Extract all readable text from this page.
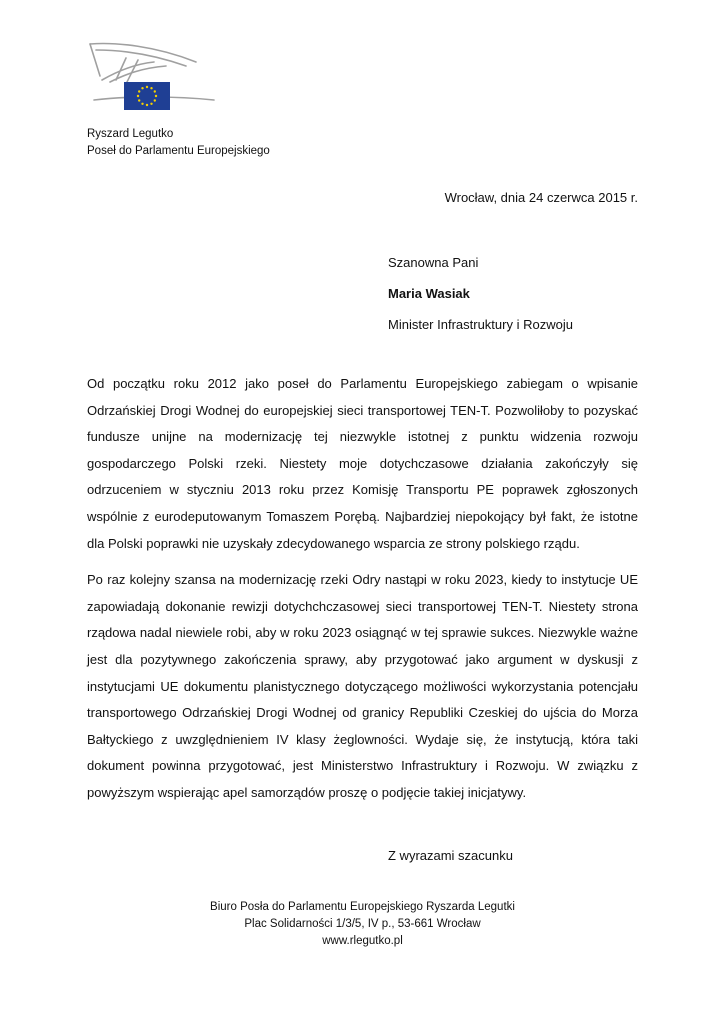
Ryszard Legutko
Poseł do Parlamentu Europejskiego
Wrocław, dnia 24 czerwca 2015 r.
Szanowna Pani
Maria Wasiak
Minister Infrastruktury i Rozwoju

Od początku roku 2012 jako poseł do Parlamentu Europejskiego zabiegam o wpisanie Odrzańskiej Drogi Wodnej do europejskiej sieci transportowej TEN-T. Pozwoliłoby to pozyskać fundusze unijne na modernizację tej niezwykle istotnej z punktu widzenia rozwoju gospodarczego Polski rzeki. Niestety moje dotychczasowe działania zakończyły się odrzuceniem w styczniu 2013 roku przez Komisję Transportu PE poprawek zgłoszonych wspólnie z eurodeputowanym Tomaszem Porębą. Najbardziej niepokojący był fakt, że istotne dla Polski poprawki nie uzyskały zdecydowanego wsparcia ze strony polskiego rządu.

Po raz kolejny szansa na modernizację rzeki Odry nastąpi w roku 2023, kiedy to instytucje UE zapowiadają dokonanie rewizji dotychchczasowej sieci transportowej TEN-T. Niestety strona rządowa nadal niewiele robi, aby w roku 2023 osiągnąć w tej sprawie sukces. Niezwykle ważne jest dla pozytywnego zakończenia sprawy, aby przygotować jako argument w dyskusji z instytucjami UE dokumentu planistycznego dotyczącego możliwości wykorzystania potencjału transportowego Odrzańskiej Drogi Wodnej od granicy Republiki Czeskiej do ujścia do Morza Bałtyckiego z uwzględnieniem IV klasy żeglowności. Wydaje się, że instytucją, która taki dokument powinna przygotować, jest Ministerstwo Infrastruktury i Rozwoju. W związku z powyższym wspierając apel samorządów proszę o podjęcie takiej inicjatywy.

Z wyrazami szacunku
Biuro Posła do Parlamentu Europejskiego Ryszarda Legutki
Plac Solidarności 1/3/5, IV p., 53-661 Wrocław
www.rlegutko.pl
